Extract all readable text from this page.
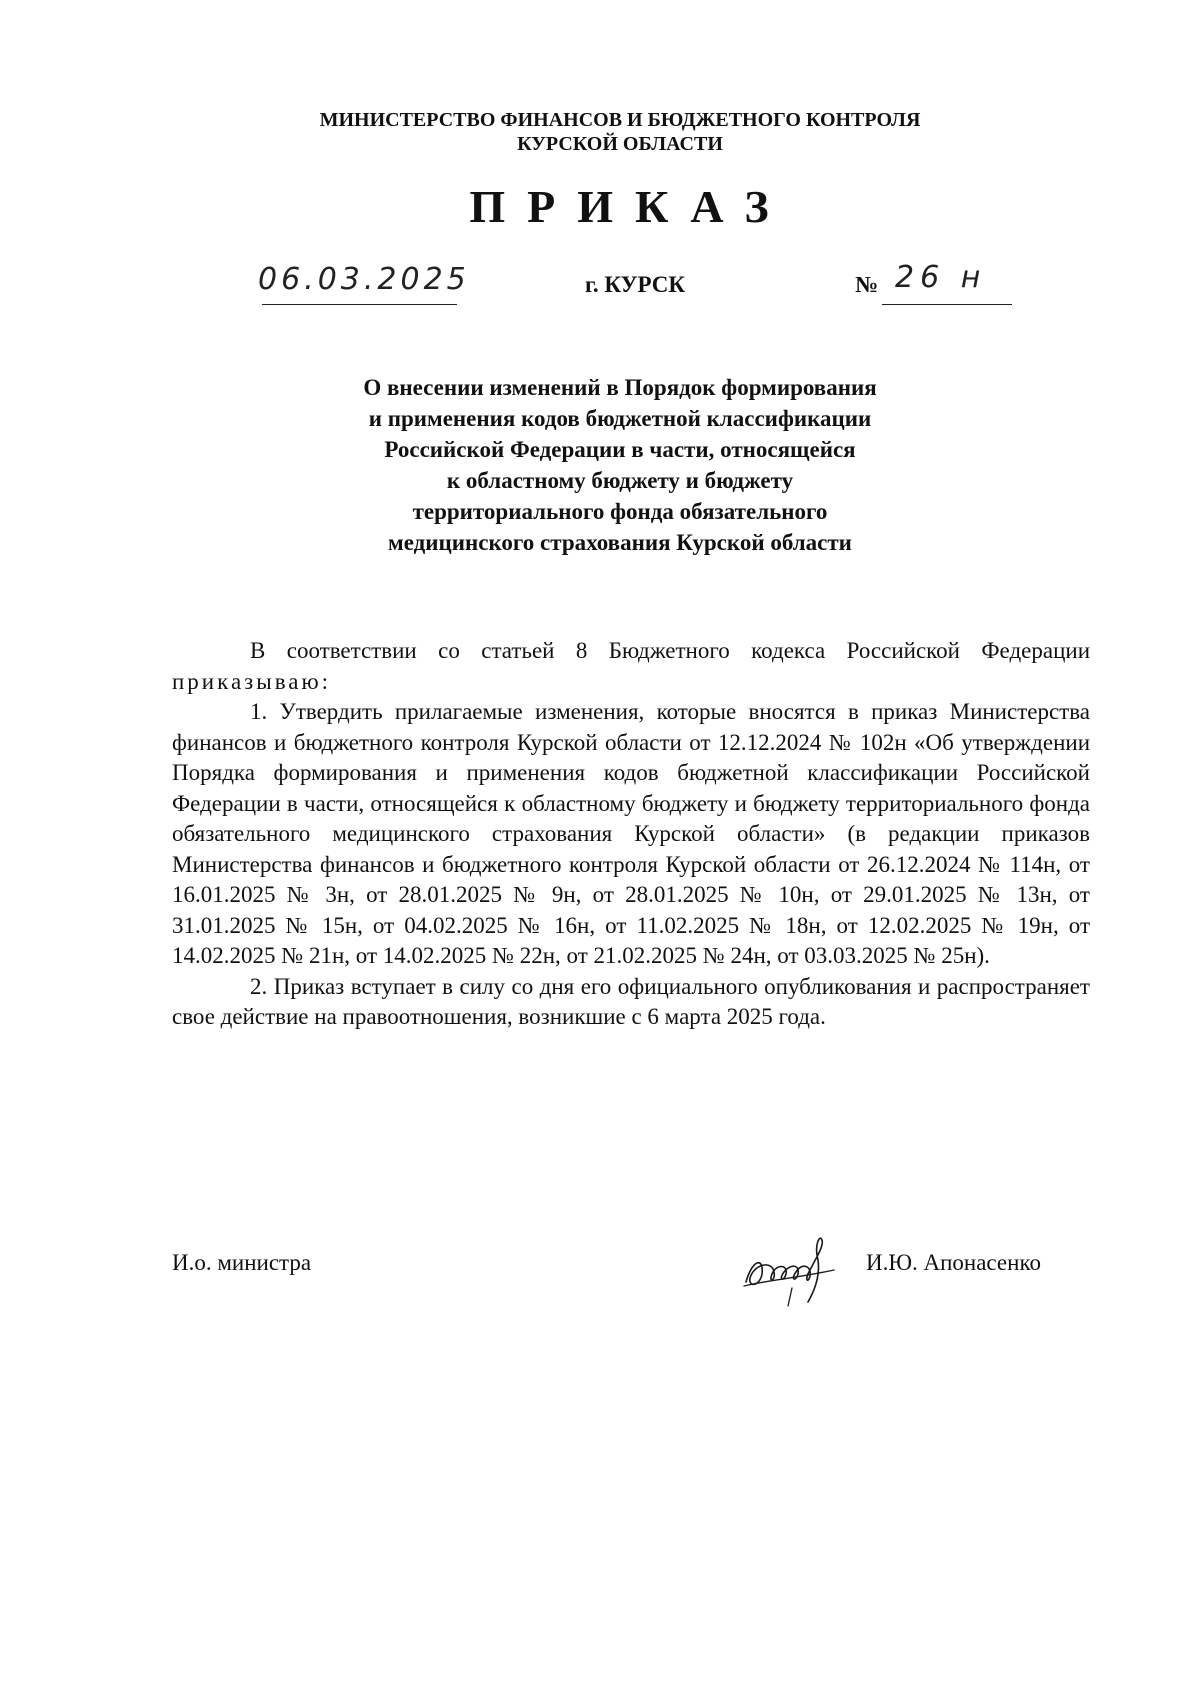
МИНИСТЕРСТВО ФИНАНСОВ И БЮДЖЕТНОГО КОНТРОЛЯ
КУРСКОЙ ОБЛАСТИ
ПРИКАЗ
06.03.2025	г. КУРСК	№ 26 н
О внесении изменений в Порядок формирования
и применения кодов бюджетной классификации
Российской Федерации в части, относящейся
к областному бюджету и бюджету
территориального фонда обязательного
медицинского страхования Курской области

В соответствии со статьей 8 Бюджетного кодекса Российской Федерации приказываю:

1. Утвердить прилагаемые изменения, которые вносятся в приказ Министерства финансов и бюджетного контроля Курской области от 12.12.2024 № 102н «Об утверждении Порядка формирования и применения кодов бюджетной классификации Российской Федерации в части, относящейся к областному бюджету и бюджету территориального фонда обязательного медицинского страхования Курской области» (в редакции приказов Министерства финансов и бюджетного контроля Курской области от 26.12.2024 № 114н, от 16.01.2025 № 3н, от 28.01.2025 № 9н, от 28.01.2025 № 10н, от 29.01.2025 № 13н, от 31.01.2025 № 15н, от 04.02.2025 № 16н, от 11.02.2025 № 18н, от 12.02.2025 № 19н, от 14.02.2025 № 21н, от 14.02.2025 № 22н, от 21.02.2025 № 24н, от 03.03.2025 № 25н).

2. Приказ вступает в силу со дня его официального опубликования и распространяет свое действие на правоотношения, возникшие с 6 марта 2025 года.

И.о. министра	И.Ю. Апонасенко
